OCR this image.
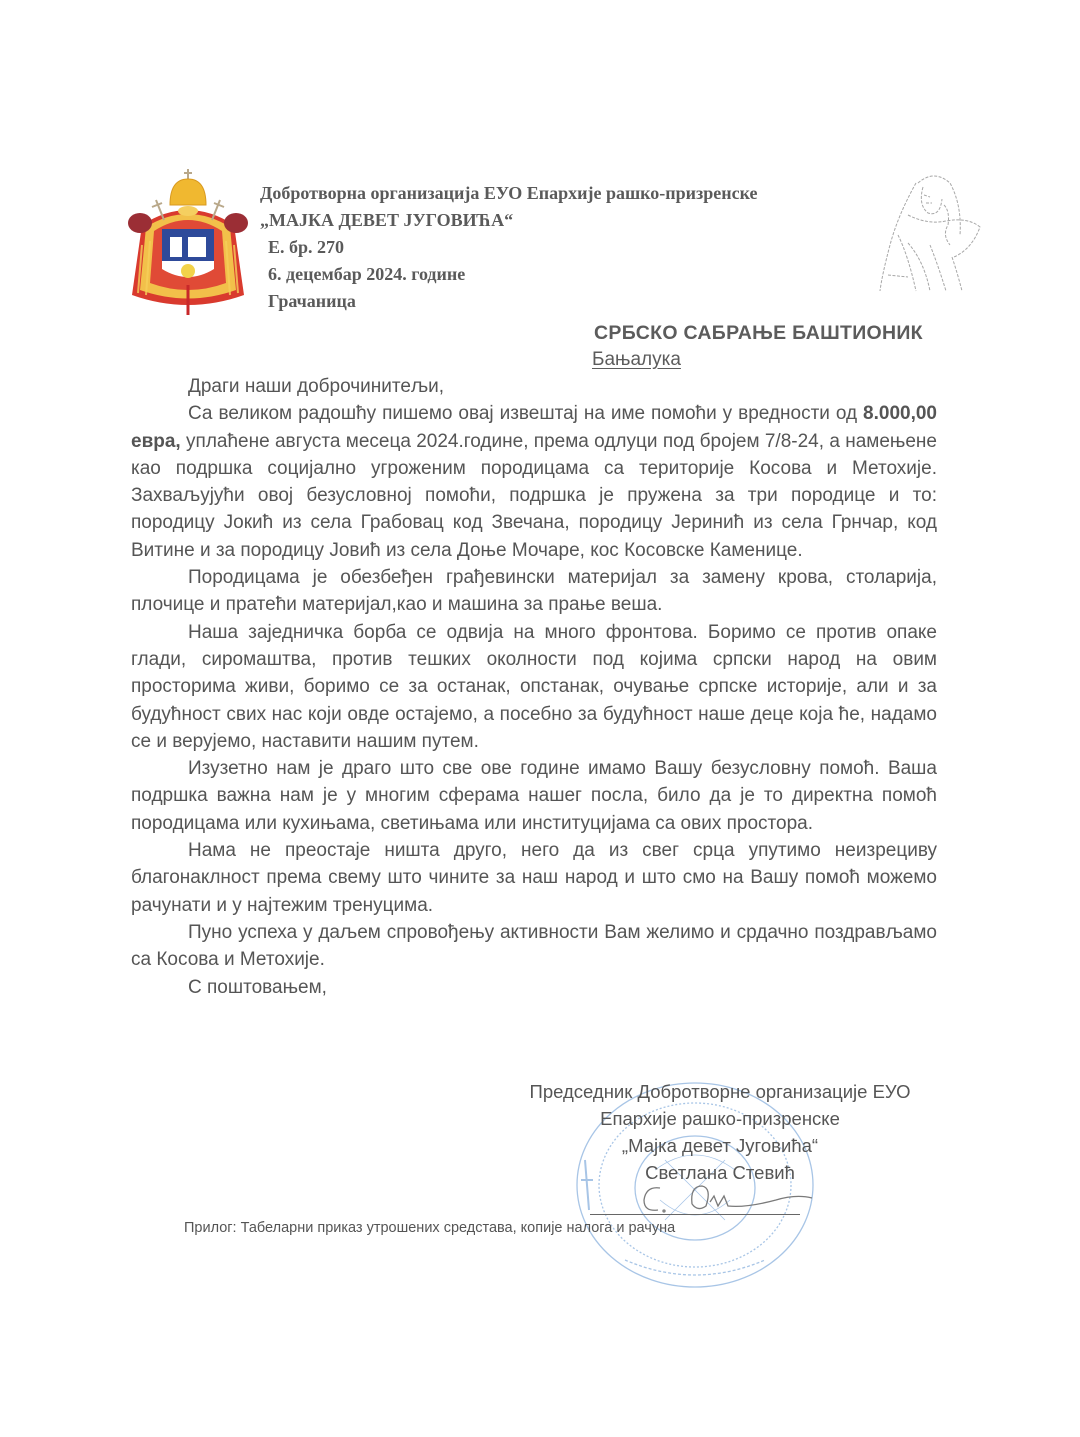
Добротворна организација ЕУО Епархије рашко-призренске
„МАЈКА ДЕВЕТ ЈУГОВИЋА“
Е. бр. 270
6. децембар 2024. године
Грачаница
СРБСКО САБРАЊЕ БАШТИОНИК
Бањалука

Драги наши доброчинитељи,

Са великом радошћу пишемо овај извештај на име помоћи у вредности од 8.000,00 евра, уплаћене августа месеца 2024.године, према одлуци под бројем 7/8-24, а намењене као подршка социјално угроженим породицама са територије Косова и Метохије. Захваљујући овој безусловној помоћи, подршка је пружена за три породице и то: породицу Јокић из села Грабовац код Звечана, породицу Јеринић из села Грнчар, код Витине и за породицу Јовић из села Доње Мочаре, кос Косовске Каменице.

Породицама је обезбеђен грађевински материјал за замену крова, столарија, плочице и пратећи материјал,као и машина за прање веша.

Наша заједничка борба се одвија на много фронтова. Боримо се против опаке глади, сиромаштва, против тешких околности под којима српски народ на овим просторима живи, боримо се за останак, опстанак, очување српске историје, али и за будућност свих нас који овде остајемо, а посебно за будућност наше деце која ће, надамо се и верујемо, наставити нашим путем.

Изузетно нам је драго што све ове године имамо Вашу безусловну помоћ. Ваша подршка важна нам је у многим сферама нашег посла, било да је то директна помоћ породицама или кухињама, светињама или институцијама са ових простора.

Нама не преостаје ништа друго, него да из свег срца упутимо неизрециву благонаклност према свему што чините за наш народ и што смо на Вашу помоћ можемо рачунати и у најтежим тренуцима.

Пуно успеха у даљем спровођењу активности Вам желимо и срдачно поздрављамо са Косова и Метохије.

С поштовањем,

Председник Добротворне организације ЕУО
Епархије рашко-призренске
„Мајка девет Југовића“
Светлана Стевић
Прилог: Табеларни приказ утрошених средстава, копије налога и рачуна
